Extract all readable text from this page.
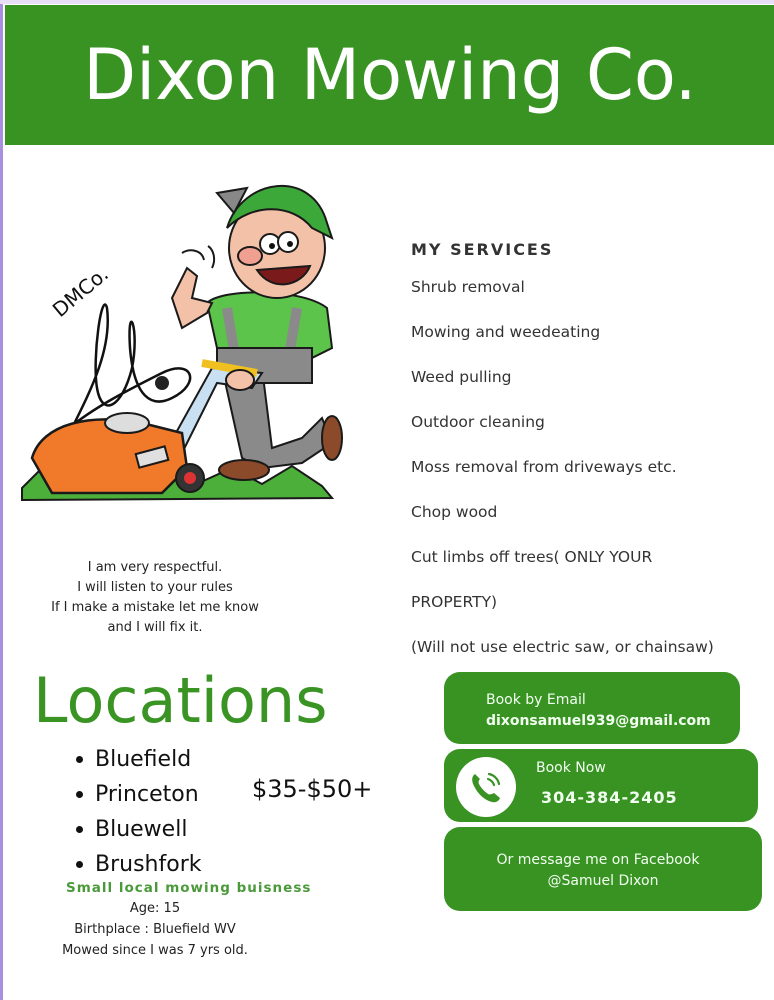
Dixon Mowing Co.
DMCo.
MY SERVICES
Shrub removal
Mowing and weedeating
Weed pulling
Outdoor cleaning
Moss removal from driveways etc.
Chop wood
Cut limbs off trees( ONLY YOUR
PROPERTY)
(Will not use electric saw, or chainsaw)
I am very respectful.
I will listen to your rules
If I make a mistake let me know
and I will fix it.
Locations
Bluefield
Princeton
Bluewell
Brushfork
$35-$50+
Small local mowing buisness
Age: 15
Birthplace : Bluefield WV
Mowed since I was 7 yrs old.
Book by Email
dixonsamuel939@gmail.com
Book Now
304-384-2405
Or message me on Facebook
@Samuel Dixon
